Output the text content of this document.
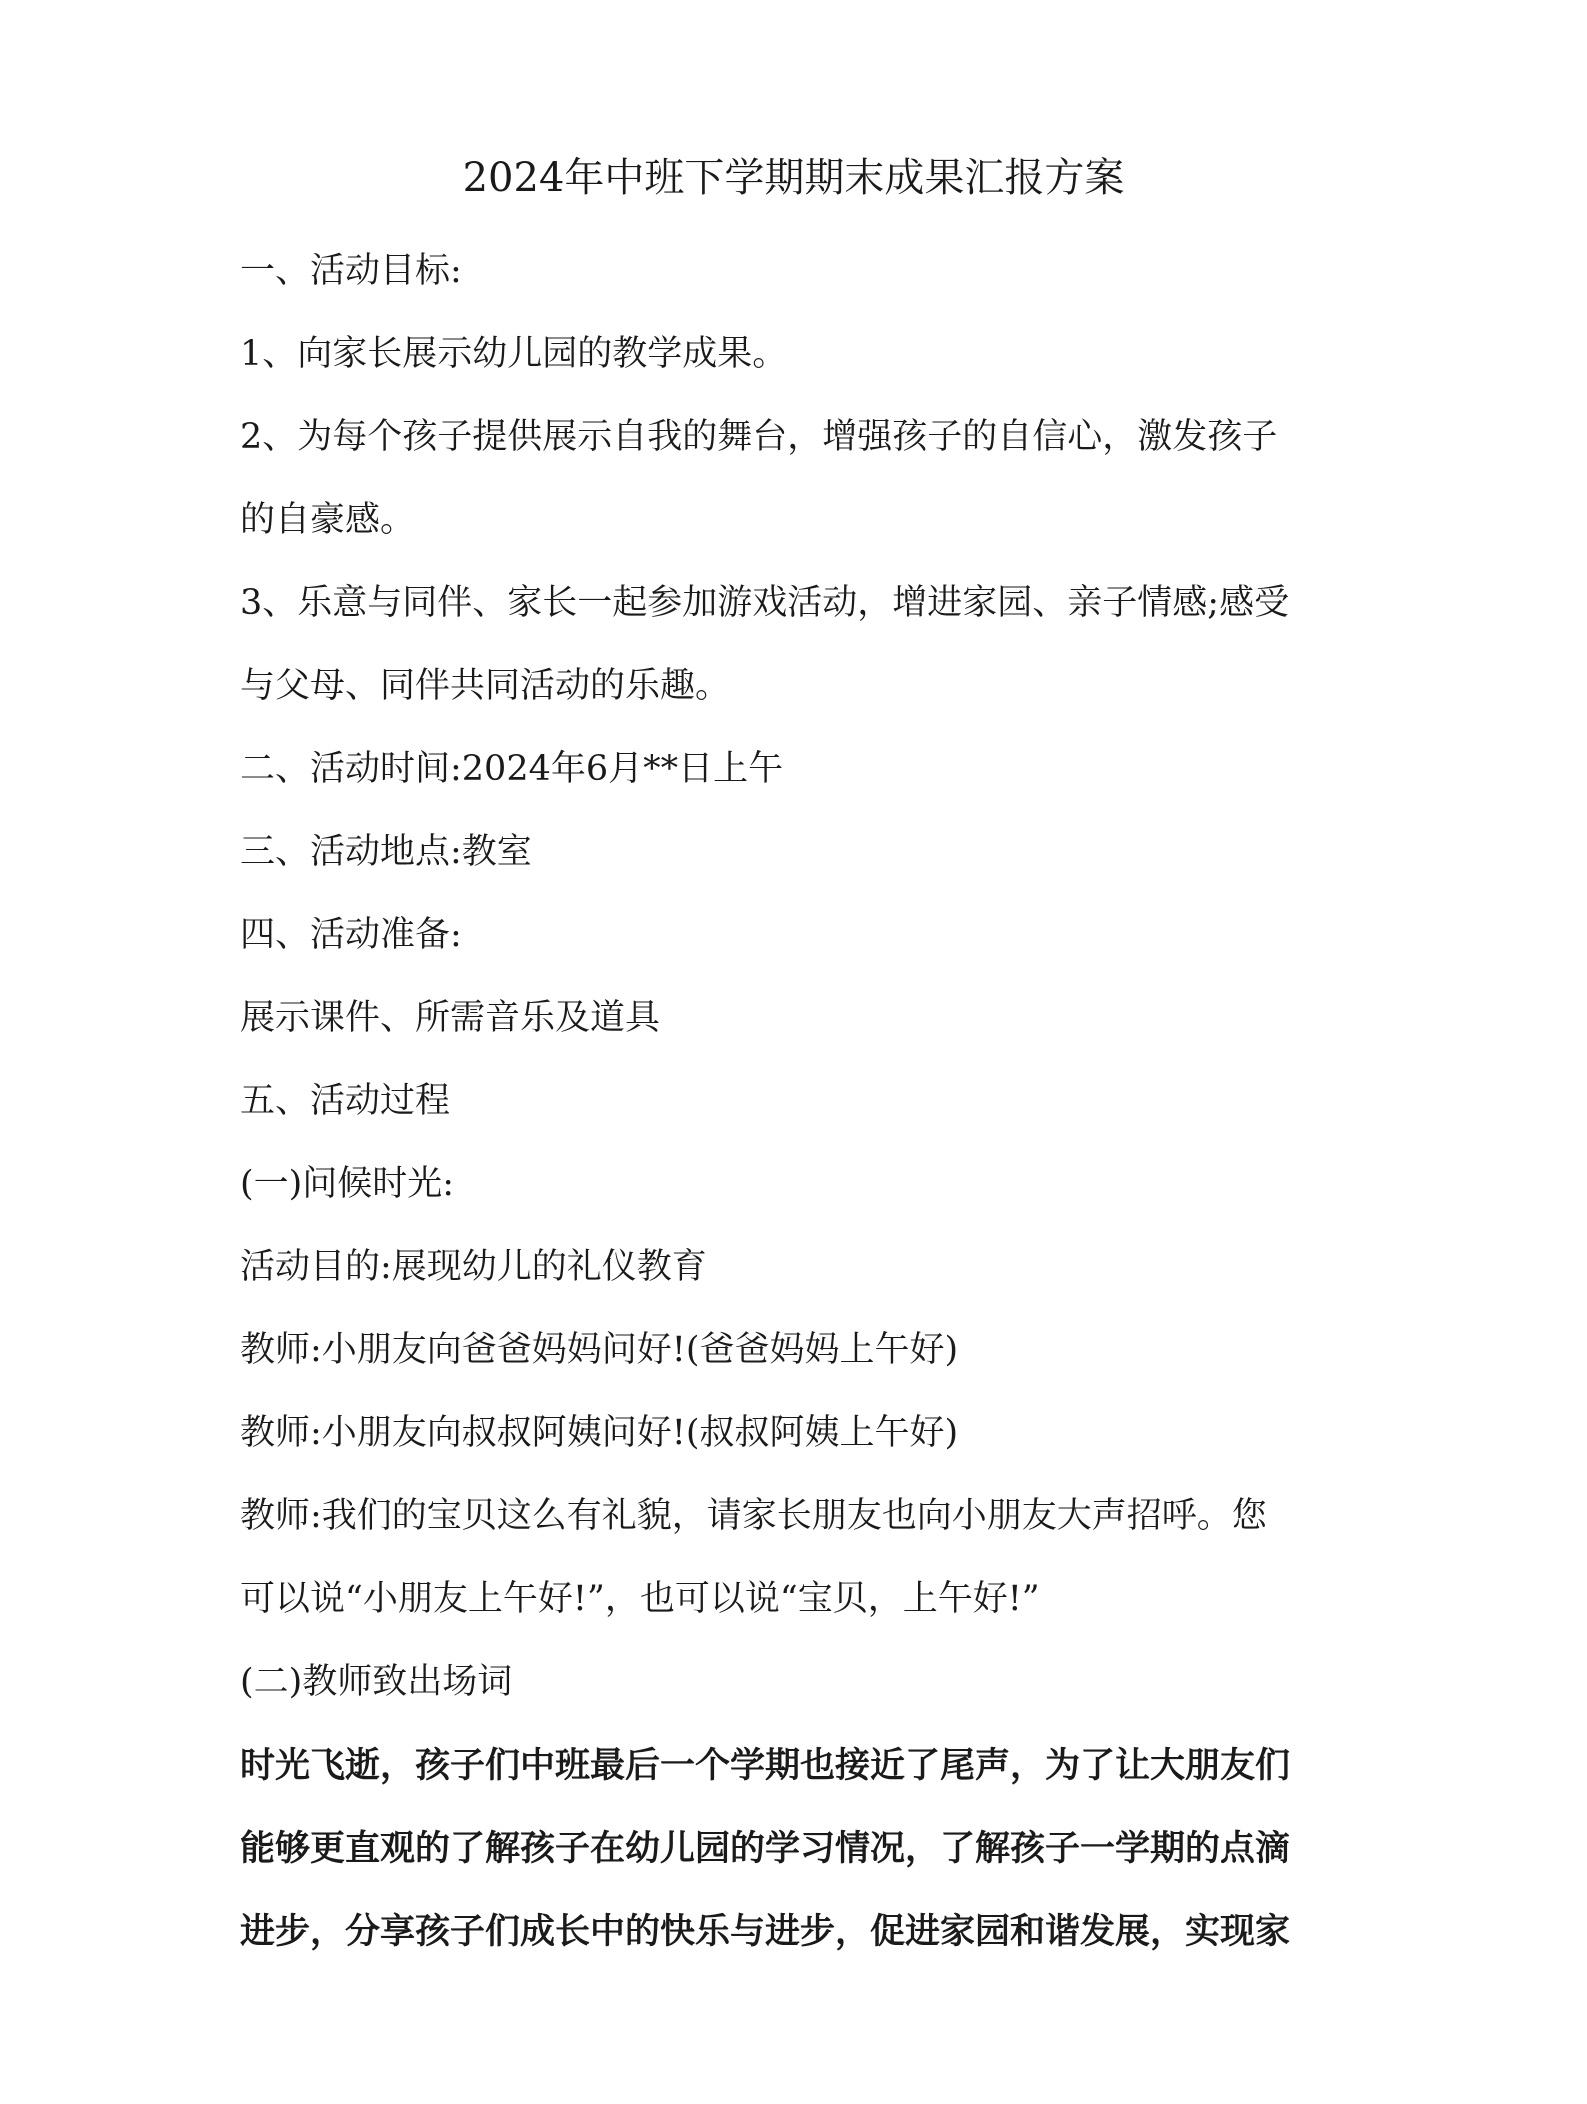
2024年中班下学期期末成果汇报方案

一、活动目标:

1、向家长展示幼儿园的教学成果。

2、为每个孩子提供展示自我的舞台，增强孩子的自信心，激发孩子

的自豪感。

3、乐意与同伴、家长一起参加游戏活动，增进家园、亲子情感;感受

与父母、同伴共同活动的乐趣。

二、活动时间:2024年6月**日上午

三、活动地点:教室

四、活动准备:

展示课件、所需音乐及道具

五、活动过程

(一)问候时光:

活动目的:展现幼儿的礼仪教育

教师:小朋友向爸爸妈妈问好!(爸爸妈妈上午好)

教师:小朋友向叔叔阿姨问好!(叔叔阿姨上午好)

教师:我们的宝贝这么有礼貌，请家长朋友也向小朋友大声招呼。您

可以说“小朋友上午好!”，也可以说“宝贝，上午好!”

(二)教师致出场词

时光飞逝，孩子们中班最后一个学期也接近了尾声，为了让大朋友们

能够更直观的了解孩子在幼儿园的学习情况，了解孩子一学期的点滴

进步，分享孩子们成长中的快乐与进步，促进家园和谐发展，实现家
